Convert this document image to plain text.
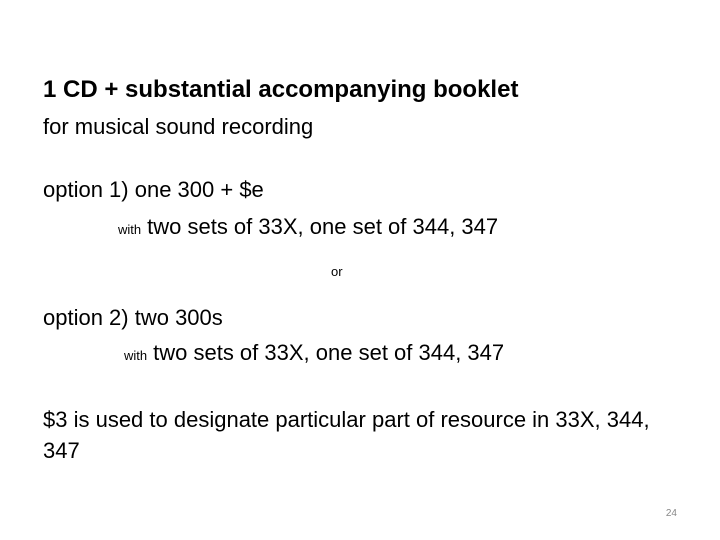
1 CD + substantial accompanying booklet
for musical sound recording
option 1) one 300 + $e
with two sets of 33X, one set of 344, 347
or
option 2) two 300s
with two sets of 33X, one set of 344, 347
$3 is used to designate particular part of resource in 33X, 344, 347
24
